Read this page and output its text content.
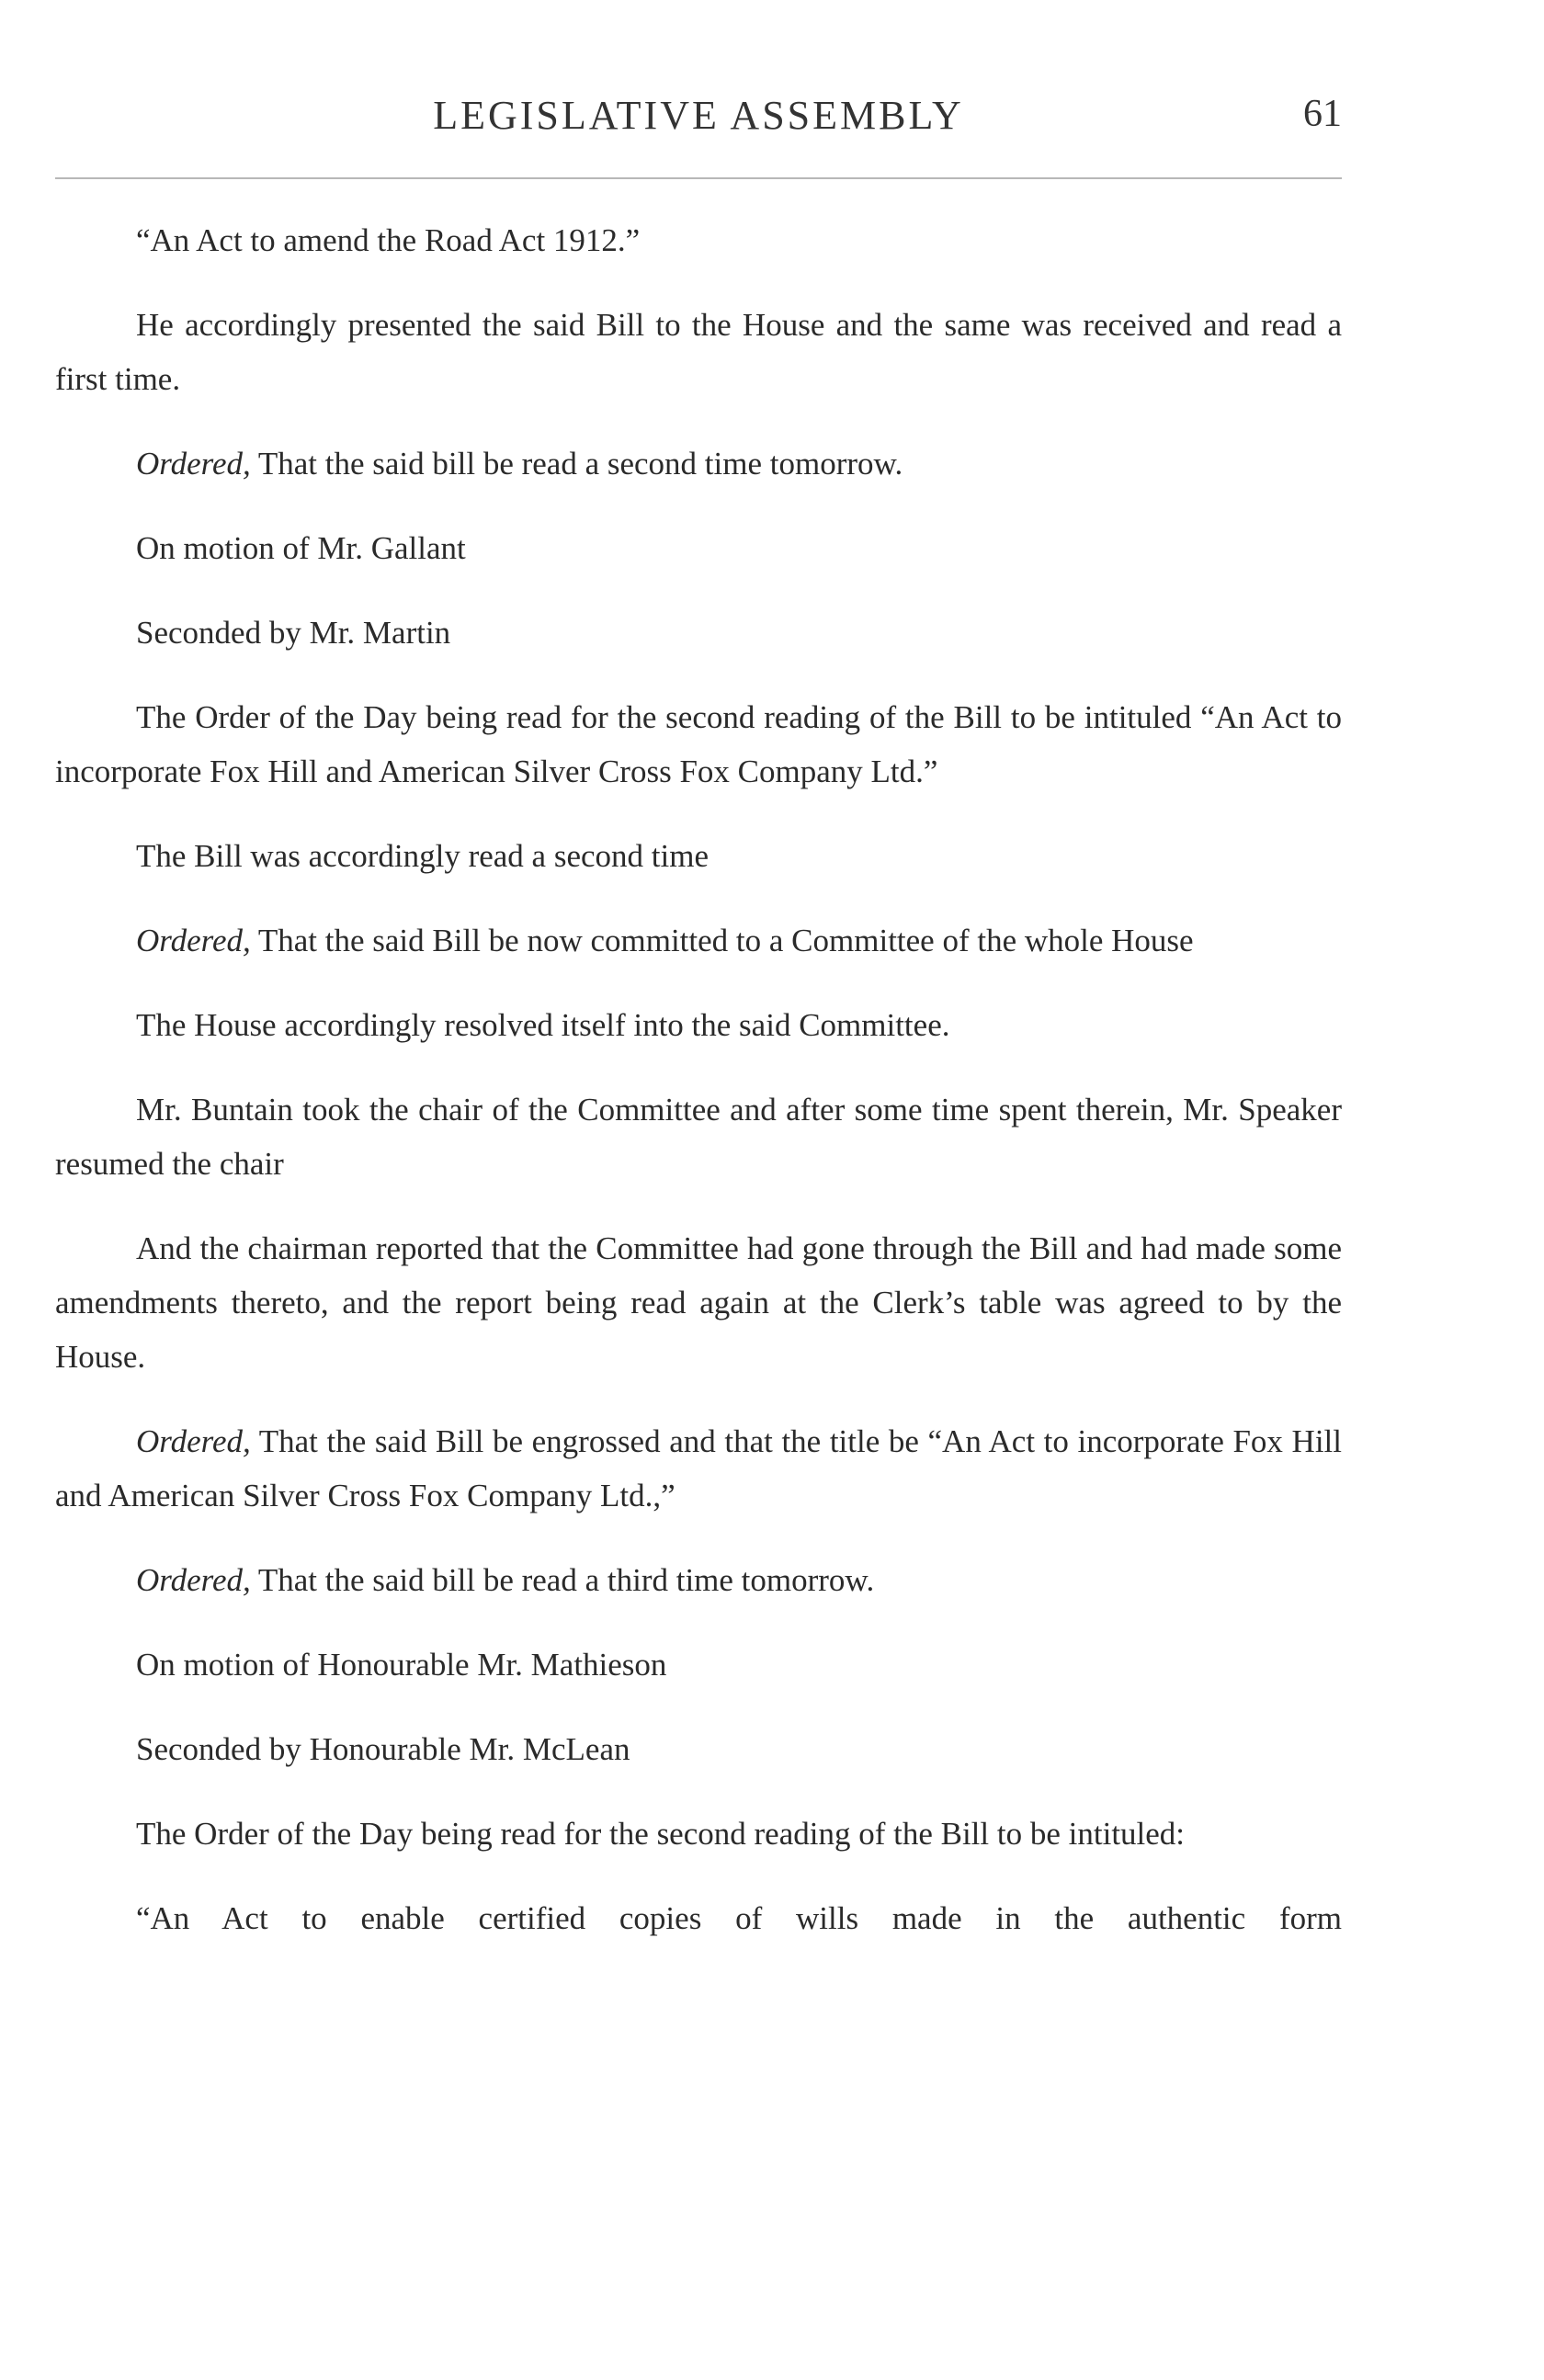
LEGISLATIVE ASSEMBLY	61

“An Act to amend the Road Act 1912.”

He accordingly presented the said Bill to the House and the same was received and read a first time.

Ordered, That the said bill be read a second time tomorrow.

On motion of Mr. Gallant

Seconded by Mr. Martin

The Order of the Day being read for the second reading of the Bill to be intituled “An Act to incorporate Fox Hill and American Silver Cross Fox Company Ltd.”

The Bill was accordingly read a second time

Ordered, That the said Bill be now committed to a Committee of the whole House

The House accordingly resolved itself into the said Committee.

Mr. Buntain took the chair of the Committee and after some time spent therein, Mr. Speaker resumed the chair

And the chairman reported that the Committee had gone through the Bill and had made some amendments thereto, and the report being read again at the Clerk’s table was agreed to by the House.

Ordered, That the said Bill be engrossed and that the title be “An Act to incorporate Fox Hill and American Silver Cross Fox Company Ltd.,”

Ordered, That the said bill be read a third time tomorrow.

On motion of Honourable Mr. Mathieson

Seconded by Honourable Mr. McLean

The Order of the Day being read for the second reading of the Bill to be intituled:

“An Act to enable certified copies of wills made in the authentic form
